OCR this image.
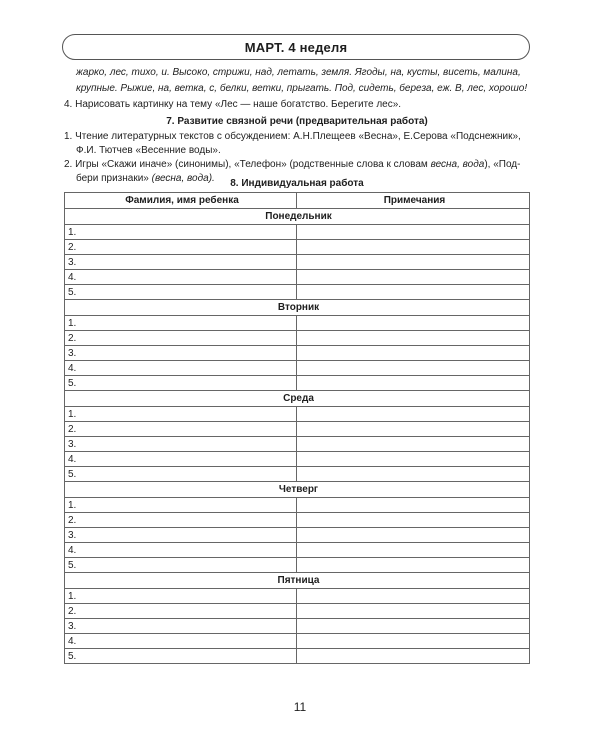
МАРТ. 4 неделя
жарко, лес, тихо, и. Высоко, стрижи, над, летать, земля. Ягоды, на, кусты, висеть, малина,
крупные. Рыжие, на, ветка, с, белки, ветки, прыгать. Под, сидеть, береза, еж. В, лес, хорошо!
4. Нарисовать картинку на тему «Лес — наше богатство. Берегите лес».
7. Развитие связной речи (предварительная работа)
1. Чтение литературных текстов с обсуждением: А.Н.Плещеев «Весна», Е.Серова «Подснежник»,
Ф.И. Тютчев «Весенние воды».
2. Игры «Скажи иначе» (синонимы), «Телефон» (родственные слова к словам весна, вода), «Под-
бери признаки» (весна, вода).	8. Индивидуальная работа
Фамилия, имя ребенка	Примечания
Понедельник	
1.	
2.	
3.	
4.	
5.	
Вторник	
1.	
2.	
3.	
4.	
5.	
Среда	
1.	
2.	
3.	
4.	
5.	
Четверг	
1.	
2.	
3.	
4.	
5.	
Пятница	
1.	
2.	
3.	
4.	
5.	
11
